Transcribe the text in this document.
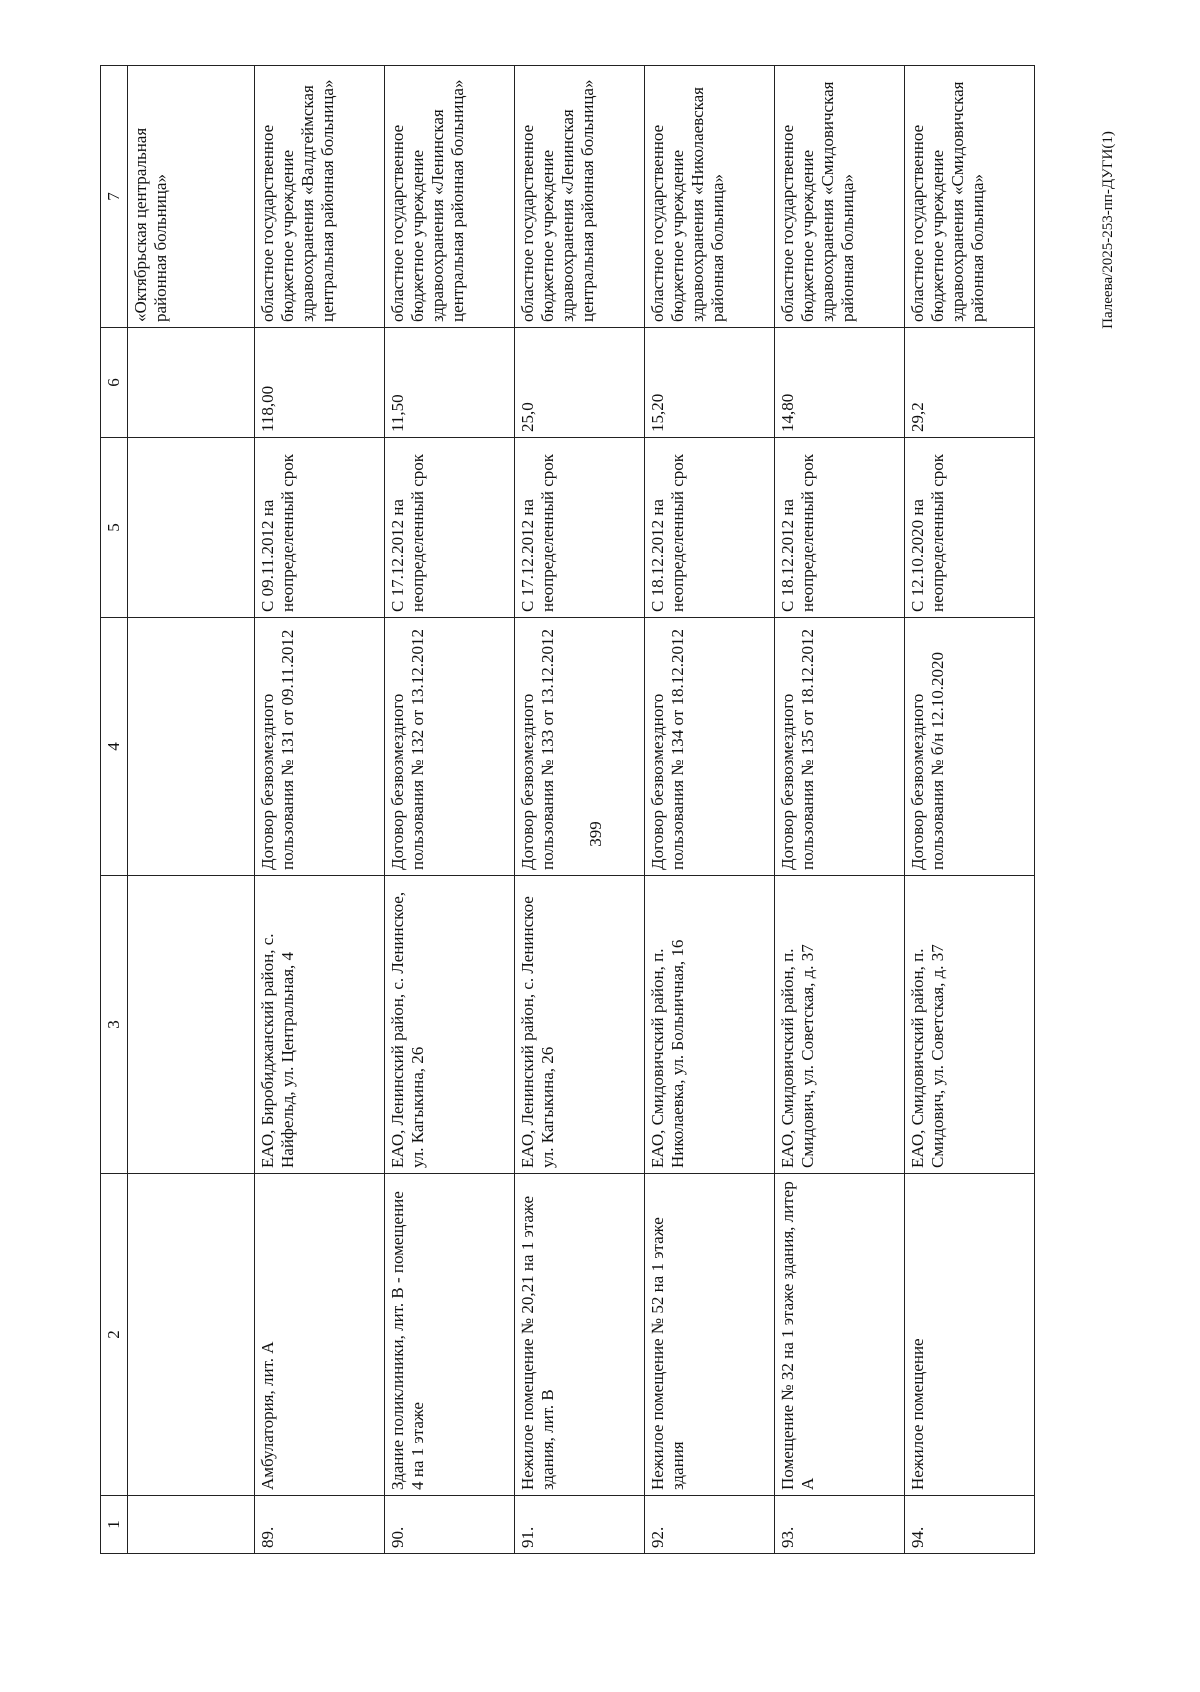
399
1	2	3	4	5	6	7
						«Октябрьская центральная районная больница»
89.	Амбулатория, лит. А	ЕАО, Биробиджанский район, с. Найфельд, ул. Центральная, 4	Договор безвозмездного пользования № 131 от 09.11.2012	С 09.11.2012 на неопределенный срок	118,00	областное государственное бюджетное учреждение здравоохранения «Валдгеймская центральная районная больница»
90.	Здание поликлиники, лит. В - помещение 4 на 1 этаже	ЕАО, Ленинский район, с. Ленинское, ул. Кагыкина, 26	Договор безвозмездного пользования № 132 от 13.12.2012	С 17.12.2012 на неопределенный срок	11,50	областное государственное бюджетное учреждение здравоохранения «Ленинская центральная районная больница»
91.	Нежилое помещение № 20,21 на 1 этаже здания, лит. В	ЕАО, Ленинский район, с. Ленинское ул. Кагыкина, 26	Договор безвозмездного пользования № 133 от 13.12.2012	С 17.12.2012 на неопределенный срок	25,0	областное государственное бюджетное учреждение здравоохранения «Ленинская центральная районная больница»
92.	Нежилое помещение № 52 на 1 этаже здания	ЕАО, Смидовичский район, п. Николаевка, ул. Больничная, 16	Договор безвозмездного пользования № 134 от 18.12.2012	С 18.12.2012 на неопределенный срок	15,20	областное государственное бюджетное учреждение здравоохранения «Николаевская районная больница»
93.	Помещение № 32 на 1 этаже здания, литер А	ЕАО, Смидовичский район, п. Смидович, ул. Советская, д. 37	Договор безвозмездного пользования № 135 от 18.12.2012	С 18.12.2012 на неопределенный срок	14,80	областное государственное бюджетное учреждение здравоохранения «Смидовичская районная больница»
94.	Нежилое помещение	ЕАО, Смидовичский район, п. Смидович, ул. Советская, д. 37	Договор безвозмездного пользования № б/н 12.10.2020	С 12.10.2020 на неопределенный срок	29,2	областное государственное бюджетное учреждение здравоохранения «Смидовичская районная больница»	Палеева/2025-253-пп-ДУГИ(1)
